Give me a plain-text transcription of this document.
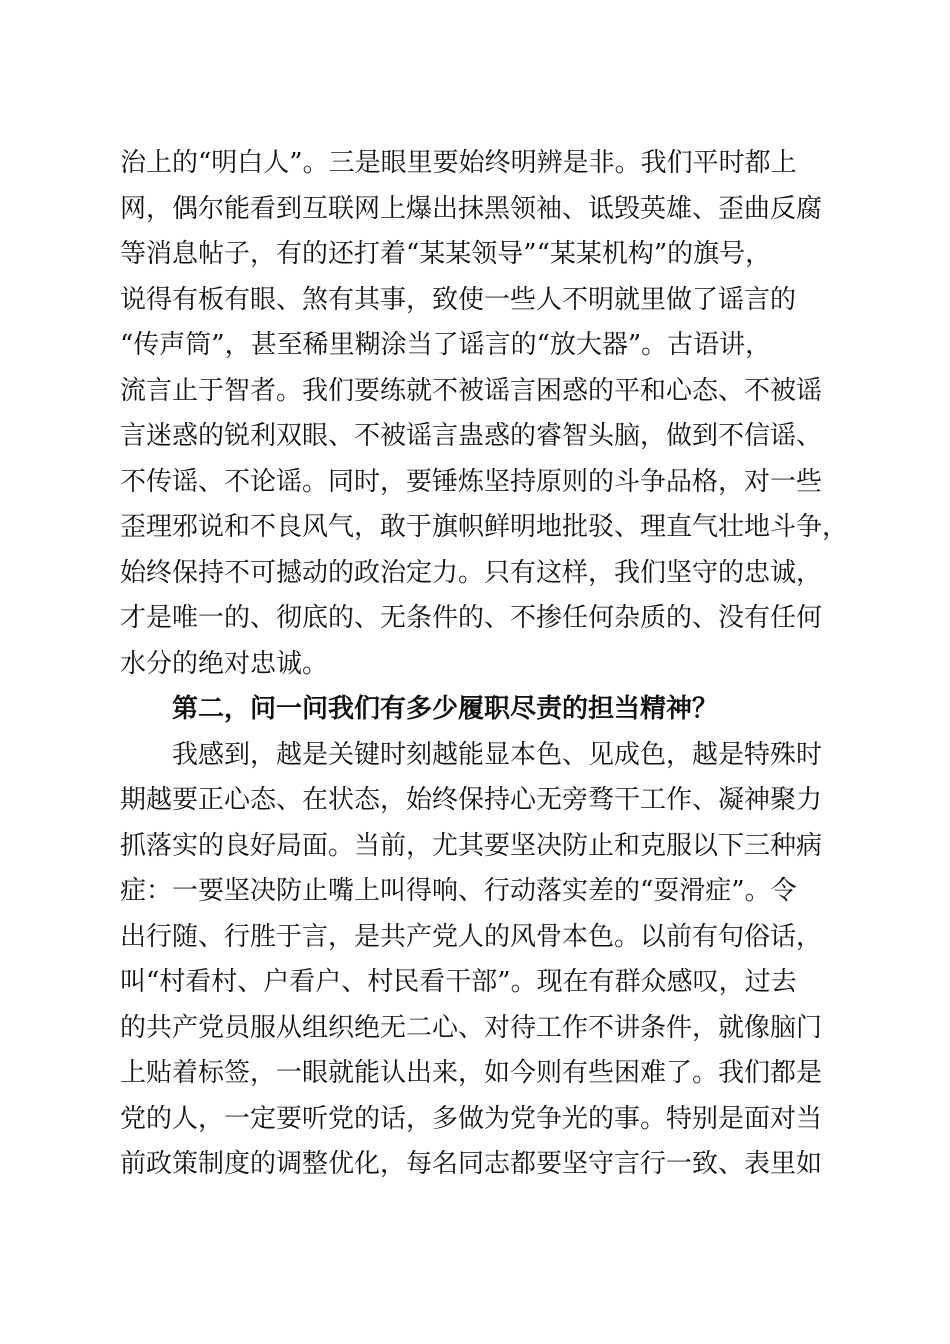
治上的“明白人”。三是眼里要始终明辨是非。我们平时都上
网，偶尔能看到互联网上爆出抹黑领袖、诋毁英雄、歪曲反腐
等消息帖子，有的还打着“某某领导”“某某机构”的旗号，
说得有板有眼、煞有其事，致使一些人不明就里做了谣言的
“传声筒”，甚至稀里糊涂当了谣言的“放大器”。古语讲，
流言止于智者。我们要练就不被谣言困惑的平和心态、不被谣
言迷惑的锐利双眼、不被谣言蛊惑的睿智头脑，做到不信谣、
不传谣、不论谣。同时，要锤炼坚持原则的斗争品格，对一些
歪理邪说和不良风气，敢于旗帜鲜明地批驳、理直气壮地斗争，
始终保持不可撼动的政治定力。只有这样，我们坚守的忠诚，
才是唯一的、彻底的、无条件的、不掺任何杂质的、没有任何
水分的绝对忠诚。
　　第二，问一问我们有多少履职尽责的担当精神？
　　我感到，越是关键时刻越能显本色、见成色，越是特殊时
期越要正心态、在状态，始终保持心无旁骛干工作、凝神聚力
抓落实的良好局面。当前，尤其要坚决防止和克服以下三种病
症：一要坚决防止嘴上叫得响、行动落实差的“耍滑症”。令
出行随、行胜于言，是共产党人的风骨本色。以前有句俗话，
叫“村看村、户看户、村民看干部”。现在有群众感叹，过去
的共产党员服从组织绝无二心、对待工作不讲条件，就像脑门
上贴着标签，一眼就能认出来，如今则有些困难了。我们都是
党的人，一定要听党的话，多做为党争光的事。特别是面对当
前政策制度的调整优化，每名同志都要坚守言行一致、表里如
